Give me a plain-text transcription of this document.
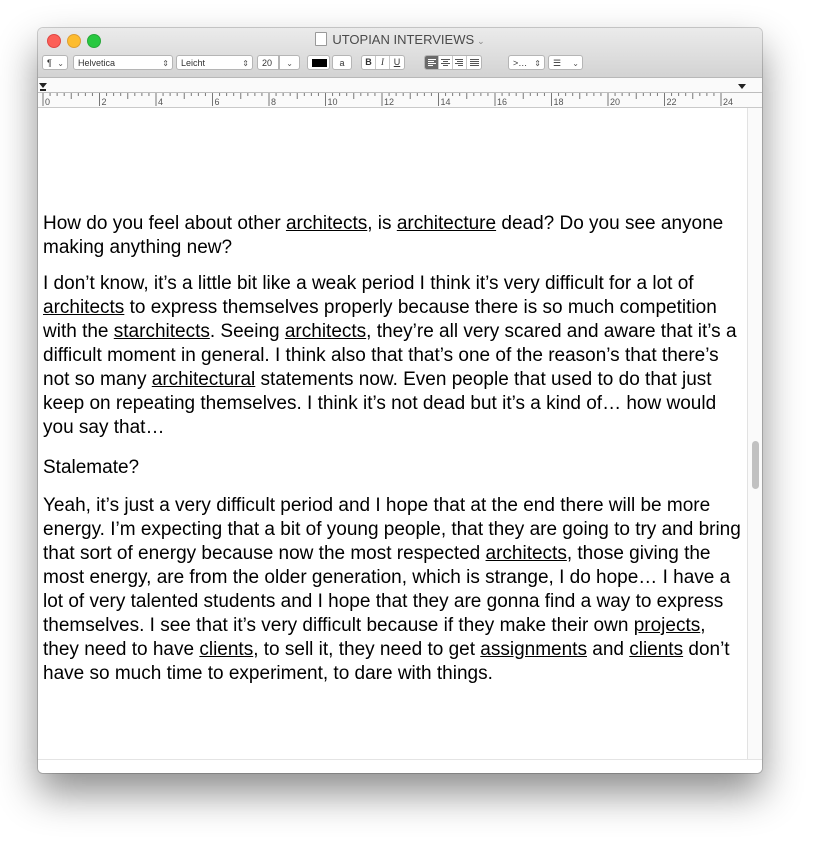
UTOPIAN INTERVIEWS ⌄
¶ ⌄	Helvetica	⇕	Leicht	⇕	20	⌄	a	B	I	U	>… ⇕	☰ ⌄
0	2	4	6	8	10	12	14	16	18	20	22	24
How do you feel about other architects, is architecture dead? Do you see anyone making anything new?
I don’t know, it’s a little bit like a weak period I think it’s very difficult for a lot of architects to express themselves properly because there is so much competition with the starchitects. Seeing architects, they’re all very scared and aware that it’s a difficult moment in general. I think also that that’s one of the reason’s that there’s not so many architectural statements now. Even people that used to do that just keep on repeating themselves. I think it’s not dead but it’s a kind of… how would you say that…
Stalemate?
Yeah, it’s just a very difficult period and I hope that at the end there will be more energy. I’m expecting that a bit of young people, that they are going to try and bring that sort of energy because now the most respected architects, those giving the most energy, are from the older generation, which is strange, I do hope… I have a lot of very talented students and I hope that they are gonna find a way to express themselves. I see that it’s very difficult because if they make their own projects, they need to have clients, to sell it, they need to get assignments and clients don’t have so much time to experiment, to dare with things.
